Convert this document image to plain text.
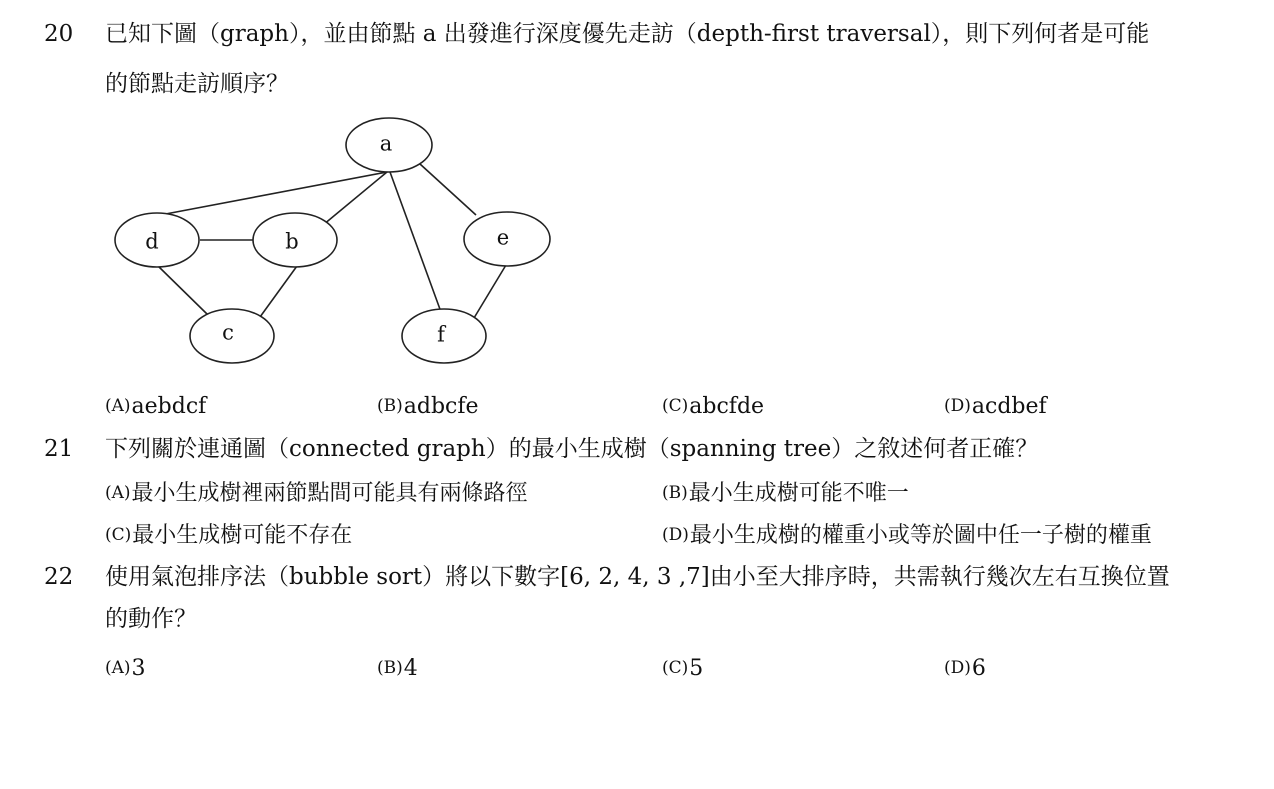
20 已知下圖（graph），並由節點 a 出發進行深度優先走訪（depth-first traversal），則下列何者是可能
的節點走訪順序？
a
d	b	e
c	f
(A)aebdcf	(B)adbcfe	(C)abcfde	(D)acdbef
21 下列關於連通圖（connected graph）的最小生成樹（spanning tree）之敘述何者正確？
(A)最小生成樹裡兩節點間可能具有兩條路徑	(B)最小生成樹可能不唯一
(C)最小生成樹可能不存在	(D)最小生成樹的權重小或等於圖中任一子樹的權重
22 使用氣泡排序法（bubble sort）將以下數字[6, 2, 4, 3 ,7]由小至大排序時，共需執行幾次左右互換位置
的動作？
(A)3	(B)4	(C)5	(D)6
